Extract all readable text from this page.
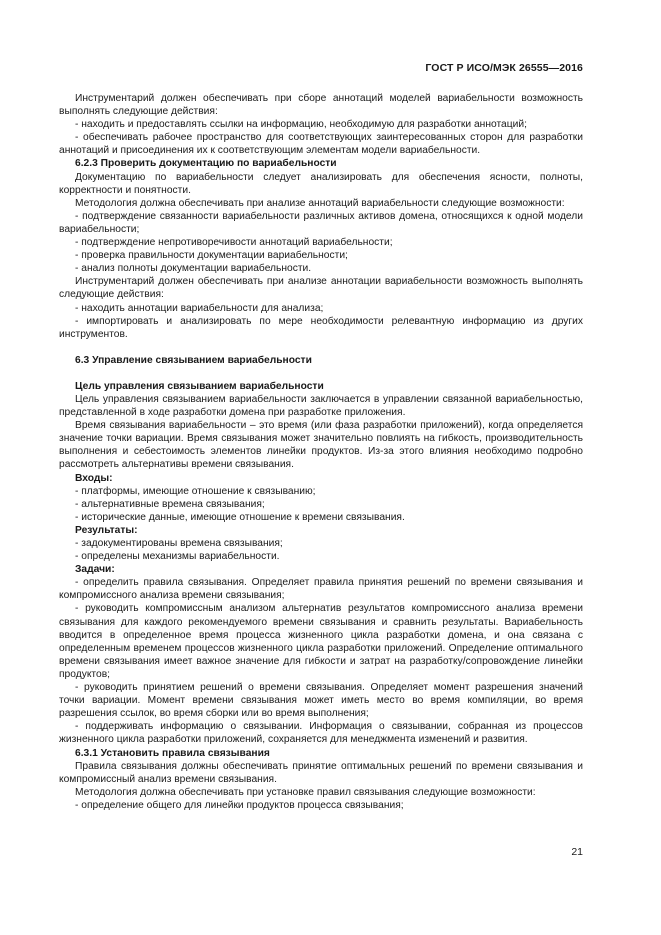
ГОСТ Р ИСО/МЭК 26555—2016

Инструментарий должен обеспечивать при сборе аннотаций моделей вариабельности возможность выполнять следующие действия:

- находить и предоставлять ссылки на информацию, необходимую для разработки аннотаций;

- обеспечивать рабочее пространство для соответствующих заинтересованных сторон для разработки аннотаций и присоединения их к соответствующим элементам модели вариабельности.

6.2.3 Проверить документацию по вариабельности

Документацию по вариабельности следует анализировать для обеспечения ясности, полноты, корректности и понятности.

Методология должна обеспечивать при анализе аннотаций вариабельности следующие возможности:

- подтверждение связанности вариабельности различных активов домена, относящихся к одной модели вариабельности;

- подтверждение непротиворечивости аннотаций вариабельности;

- проверка правильности документации вариабельности;

- анализ полноты документации вариабельности.

Инструментарий должен обеспечивать при анализе аннотации вариабельности возможность выполнять следующие действия:

- находить аннотации вариабельности для анализа;

- импортировать и анализировать по мере необходимости релевантную информацию из других инструментов.

6.3 Управление связыванием вариабельности

Цель управления связыванием вариабельности

Цель управления связыванием вариабельности заключается в управлении связанной вариабельностью, представленной в ходе разработки домена при разработке приложения.

Время связывания вариабельности – это время (или фаза разработки приложений), когда определяется значение точки вариации. Время связывания может значительно повлиять на гибкость, производительность выполнения и себестоимость элементов линейки продуктов. Из-за этого влияния необходимо подробно рассмотреть альтернативы времени связывания.

Входы:

- платформы, имеющие отношение к связыванию;

- альтернативные времена связывания;

- исторические данные, имеющие отношение к времени связывания.

Результаты:

- задокументированы времена связывания;

- определены механизмы вариабельности.

Задачи:

- определить правила связывания. Определяет правила принятия решений по времени связывания и компромиссного анализа времени связывания;

- руководить компромиссным анализом альтернатив результатов компромиссного анализа времени связывания для каждого рекомендуемого времени связывания и сравнить результаты. Вариабельность вводится в определенное время процесса жизненного цикла разработки домена, и она связана с определенным временем процессов жизненного цикла разработки приложений. Определение оптимального времени связывания имеет важное значение для гибкости и затрат на разработку/сопровождение линейки продуктов;

- руководить принятием решений о времени связывания. Определяет момент разрешения значений точки вариации. Момент времени связывания может иметь место во время компиляции, во время разрешения ссылок, во время сборки или во время выполнения;

- поддерживать информацию о связывании. Информация о связывании, собранная из процессов жизненного цикла разработки приложений, сохраняется для менеджмента изменений и развития.

6.3.1 Установить правила связывания

Правила связывания должны обеспечивать принятие оптимальных решений по времени связывания и компромиссный анализ времени связывания.

Методология должна обеспечивать при установке правил связывания следующие возможности:

- определение общего для линейки продуктов процесса связывания;

21
